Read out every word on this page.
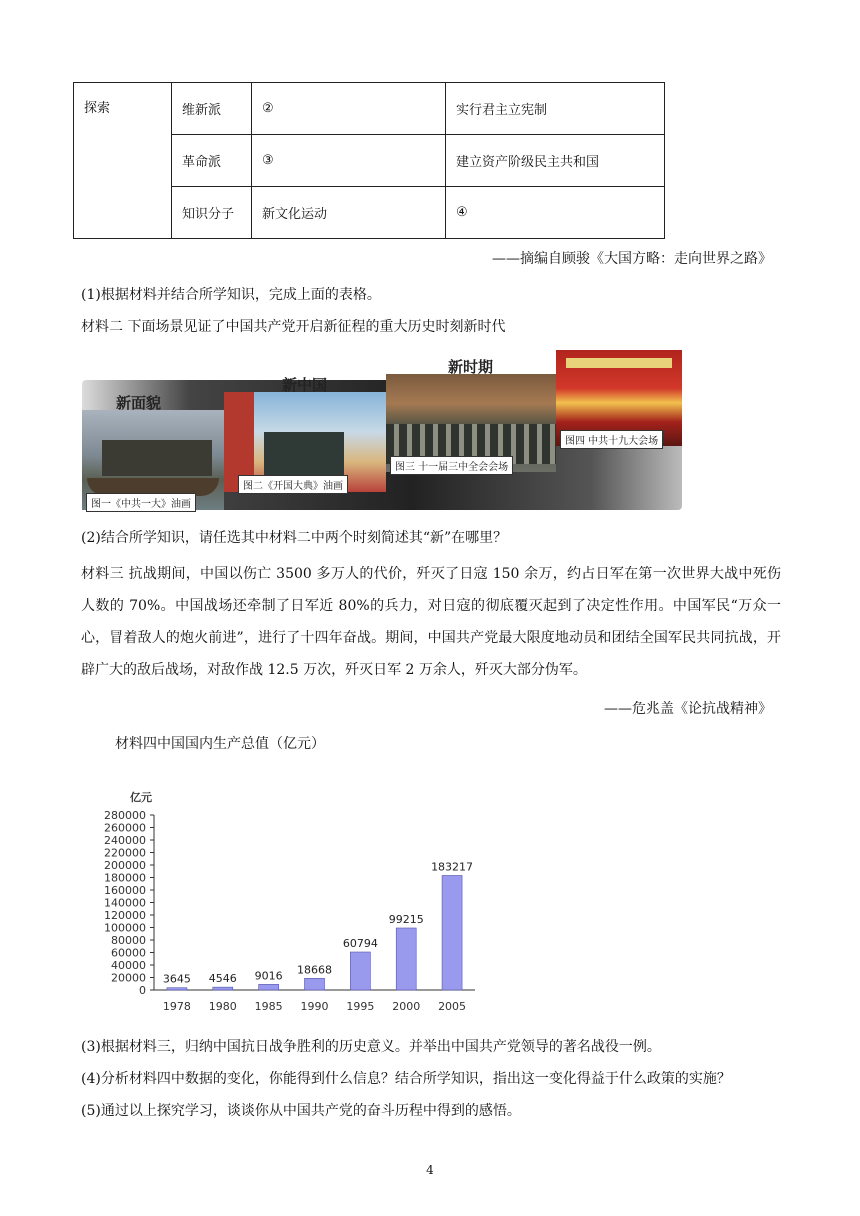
探索	维新派	②	实行君主立宪制
	革命派	③	建立资产阶级民主共和国
	知识分子	新文化运动	④
——摘编自顾骏《大国方略：走向世界之路》
(1)根据材料并结合所学知识，完成上面的表格。
材料二 下面场景见证了中国共产党开启新征程的重大历史时刻新时代
新面貌
图一《中共一大》油画
新中国
图二《开国大典》油画
新时期
图三 十一届三中全会会场
图四 中共十九大会场
(2)结合所学知识，请任选其中材料二中两个时刻简述其“新”在哪里？
材料三 抗战期间，中国以伤亡 3500 多万人的代价，歼灭了日寇 150 余万，约占日军在第一次世界大战中死伤人数的 70%。中国战场还牵制了日军近 80%的兵力，对日寇的彻底覆灭起到了决定性作用。中国军民“万众一心，冒着敌人的炮火前进”，进行了十四年奋战。期间，中国共产党最大限度地动员和团结全国军民共同抗战，开辟广大的敌后战场，对敌作战 12.5 万次，歼灭日军 2 万余人，歼灭大部分伪军。
——危兆盖《论抗战精神》
材料四中国国内生产总值（亿元）
亿元
0
20000
40000
60000
80000
100000
120000
140000
160000
180000
200000
220000
240000
260000
280000
3645
1978
4546
1980
9016
1985
18668
1990
60794
1995
99215
2000
183217
2005
(3)根据材料三，归纳中国抗日战争胜利的历史意义。并举出中国共产党领导的著名战役一例。
(4)分析材料四中数据的变化，你能得到什么信息？结合所学知识，指出这一变化得益于什么政策的实施？
(5)通过以上探究学习，谈谈你从中国共产党的奋斗历程中得到的感悟。
4
